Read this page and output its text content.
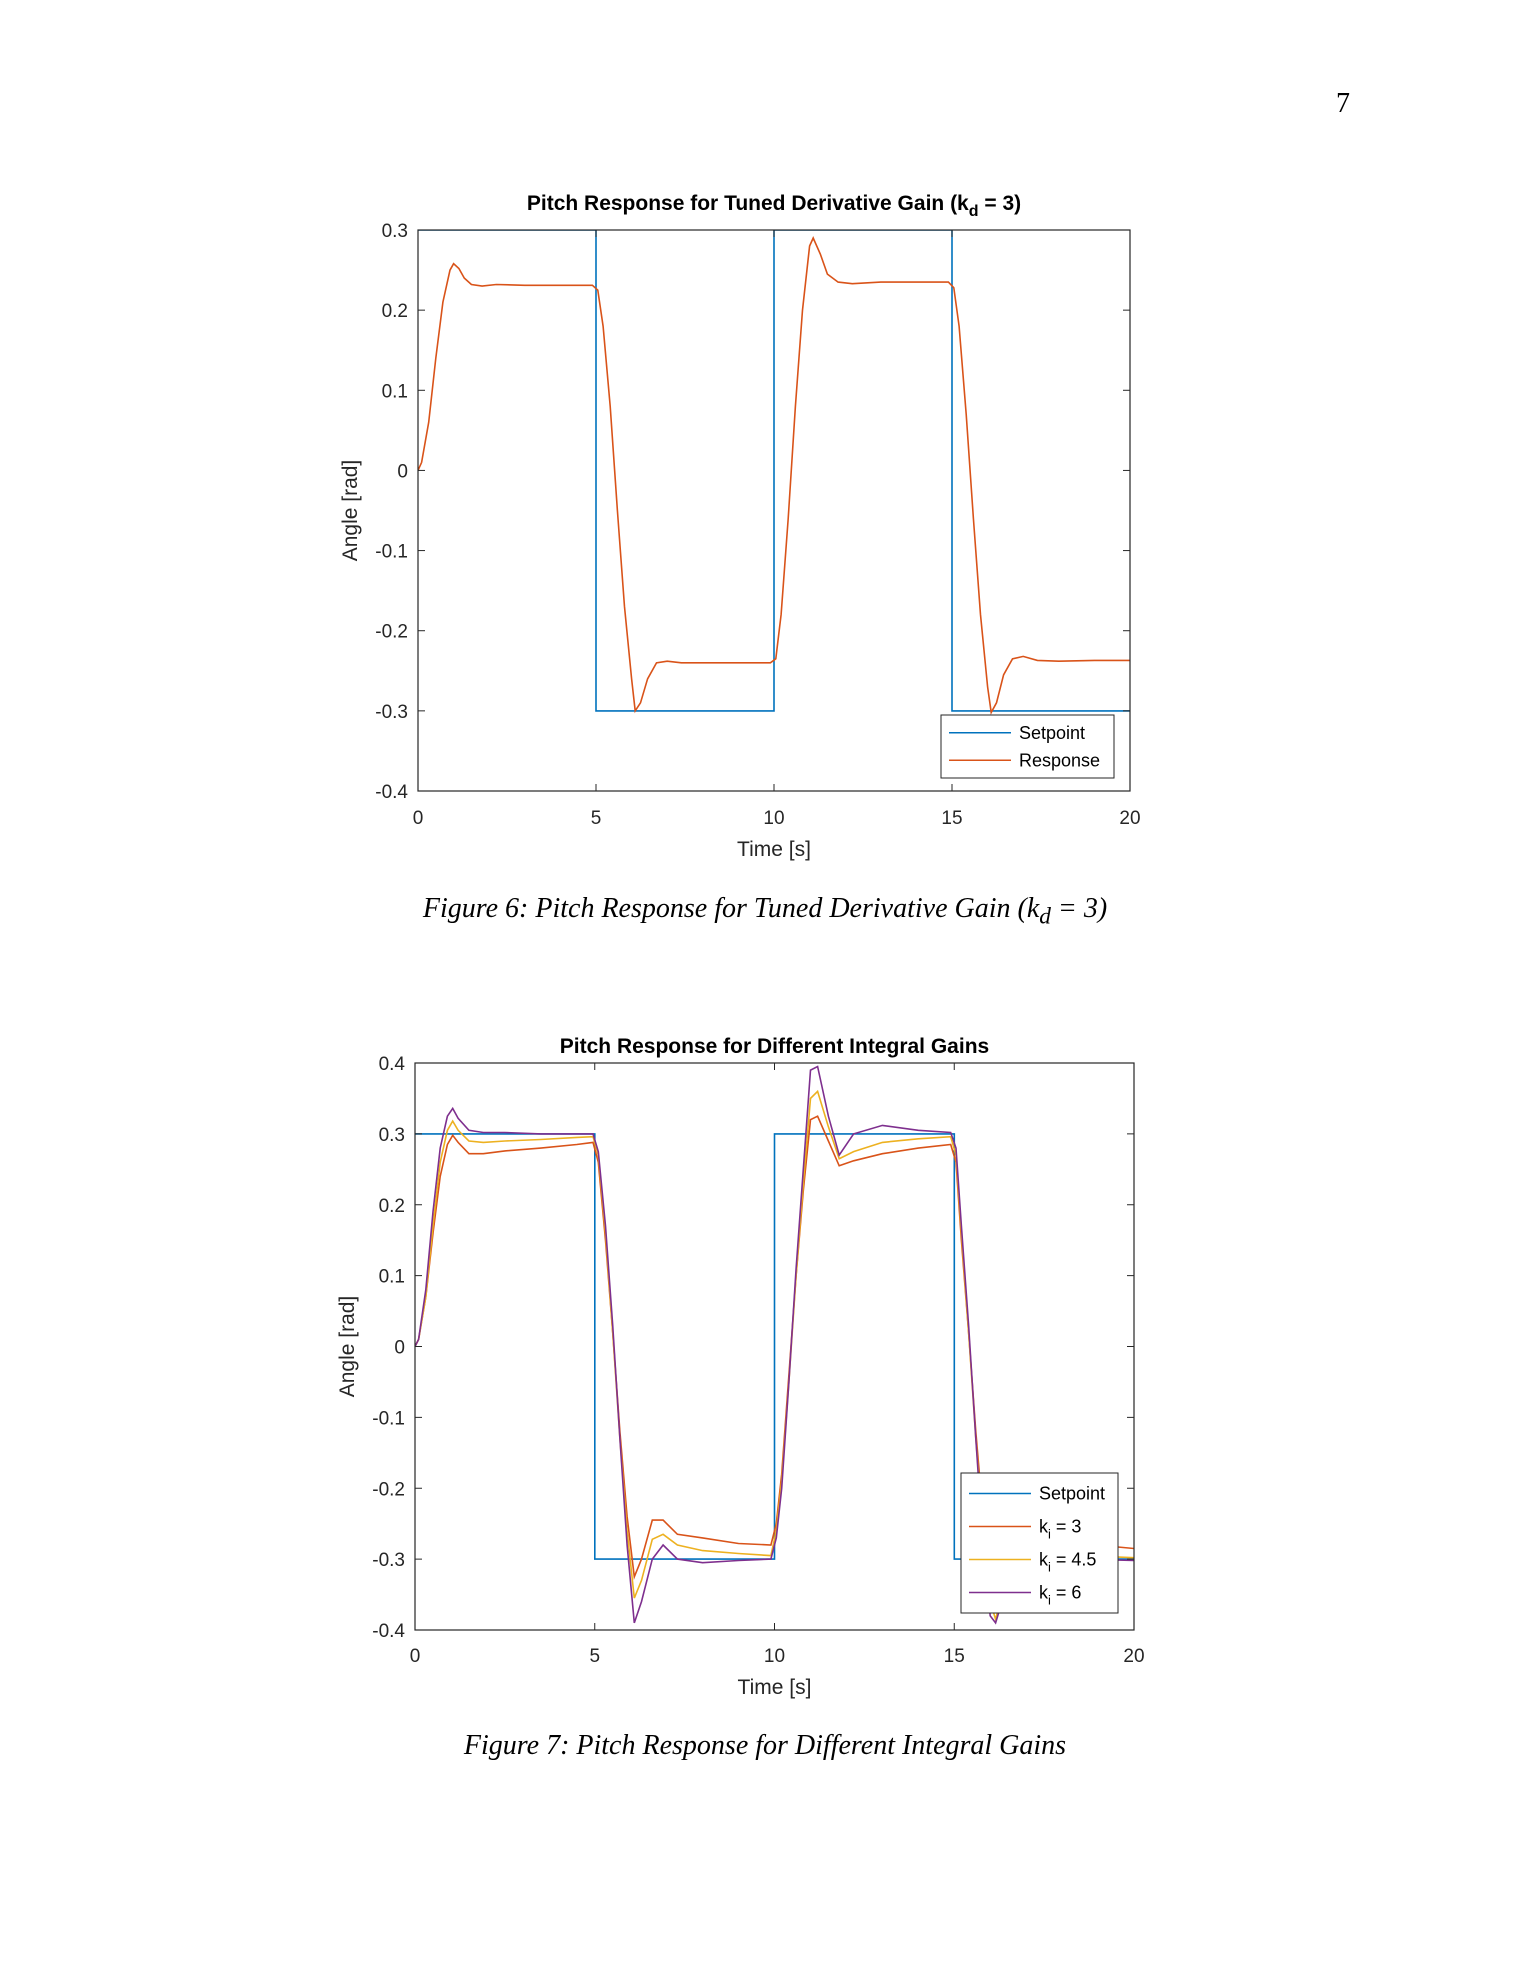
7
0	5	10	15	20
-0.4
-0.3
-0.2
-0.1
0
0.1
0.2
0.3
Pitch Response for Tuned Derivative Gain $(k_d = 3)$
Time [s]
Angle [rad]
Setpoint
Response
Figure 6: Pitch Response for Tuned Derivative Gain $(k_d = 3)$
0	5	10	15	20
-0.4
-0.3
-0.2
-0.1
0
0.1
0.2
0.3
0.4
Pitch Response for Different Integral Gains
Time [s]
Angle [rad]
Setpoint
$k_i = 3$
$k_i = 4.5$
$k_i = 6$
Figure 7: Pitch Response for Different Integral Gains
